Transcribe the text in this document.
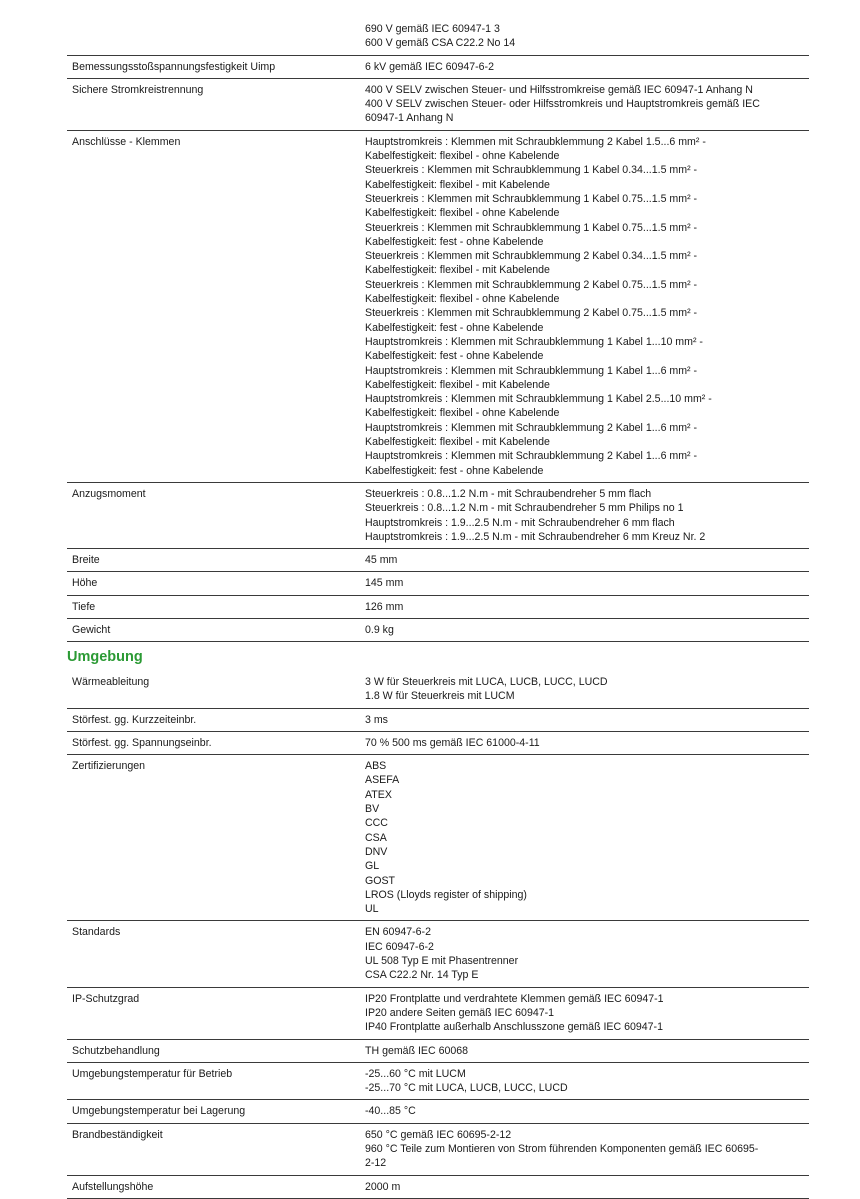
690 V gemäß IEC 60947-1 3
600 V gemäß CSA C22.2 No 14
Bemessungsstoßspannungsfestigkeit Uimp	6 kV gemäß IEC 60947-6-2
Sichere Stromkreistrennung	400 V SELV zwischen Steuer- und Hilfsstromkreise gemäß IEC 60947-1 Anhang N
400 V SELV zwischen Steuer- oder Hilfsstromkreis und Hauptstromkreis gemäß IEC
60947-1 Anhang N
Anschlüsse - Klemmen	Hauptstromkreis : Klemmen mit Schraubklemmung 2 Kabel 1.5...6 mm² -
Kabelfestigkeit: flexibel - ohne Kabelende
Steuerkreis : Klemmen mit Schraubklemmung 1 Kabel 0.34...1.5 mm² -
Kabelfestigkeit: flexibel - mit Kabelende
Steuerkreis : Klemmen mit Schraubklemmung 1 Kabel 0.75...1.5 mm² -
Kabelfestigkeit: flexibel - ohne Kabelende
Steuerkreis : Klemmen mit Schraubklemmung 1 Kabel 0.75...1.5 mm² -
Kabelfestigkeit: fest - ohne Kabelende
Steuerkreis : Klemmen mit Schraubklemmung 2 Kabel 0.34...1.5 mm² -
Kabelfestigkeit: flexibel - mit Kabelende
Steuerkreis : Klemmen mit Schraubklemmung 2 Kabel 0.75...1.5 mm² -
Kabelfestigkeit: flexibel - ohne Kabelende
Steuerkreis : Klemmen mit Schraubklemmung 2 Kabel 0.75...1.5 mm² -
Kabelfestigkeit: fest - ohne Kabelende
Hauptstromkreis : Klemmen mit Schraubklemmung 1 Kabel 1...10 mm² -
Kabelfestigkeit: fest - ohne Kabelende
Hauptstromkreis : Klemmen mit Schraubklemmung 1 Kabel 1...6 mm² -
Kabelfestigkeit: flexibel - mit Kabelende
Hauptstromkreis : Klemmen mit Schraubklemmung 1 Kabel 2.5...10 mm² -
Kabelfestigkeit: flexibel - ohne Kabelende
Hauptstromkreis : Klemmen mit Schraubklemmung 2 Kabel 1...6 mm² -
Kabelfestigkeit: flexibel - mit Kabelende
Hauptstromkreis : Klemmen mit Schraubklemmung 2 Kabel 1...6 mm² -
Kabelfestigkeit: fest - ohne Kabelende
Anzugsmoment	Steuerkreis : 0.8...1.2 N.m - mit Schraubendreher 5 mm flach
Steuerkreis : 0.8...1.2 N.m - mit Schraubendreher 5 mm Philips no 1
Hauptstromkreis : 1.9...2.5 N.m - mit Schraubendreher 6 mm flach
Hauptstromkreis : 1.9...2.5 N.m - mit Schraubendreher 6 mm Kreuz Nr. 2
Breite	45 mm
Höhe	145 mm
Tiefe	126 mm
Gewicht	0.9 kg
Umgebung
Wärmeableitung	3 W für Steuerkreis mit LUCA, LUCB, LUCC, LUCD
1.8 W für Steuerkreis mit LUCM
Störfest. gg. Kurzzeiteinbr.	3 ms
Störfest. gg. Spannungseinbr.	70 % 500 ms gemäß IEC 61000-4-11
Zertifizierungen	ABS
ASEFA
ATEX
BV
CCC
CSA
DNV
GL
GOST
LROS (Lloyds register of shipping)
UL
Standards	EN 60947-6-2
IEC 60947-6-2
UL 508 Typ E mit Phasentrenner
CSA C22.2 Nr. 14 Typ E
IP-Schutzgrad	IP20 Frontplatte und verdrahtete Klemmen gemäß IEC 60947-1
IP20 andere Seiten gemäß IEC 60947-1
IP40 Frontplatte außerhalb Anschlusszone gemäß IEC 60947-1
Schutzbehandlung	TH gemäß IEC 60068
Umgebungstemperatur für Betrieb	-25...60 °C mit LUCM
-25...70 °C mit LUCA, LUCB, LUCC, LUCD
Umgebungstemperatur bei Lagerung	-40...85 °C
Brandbeständigkeit	650 °C gemäß IEC 60695-2-12
960 °C Teile zum Montieren von Strom führenden Komponenten gemäß IEC 60695-
2-12
Aufstellungshöhe	2000 m
